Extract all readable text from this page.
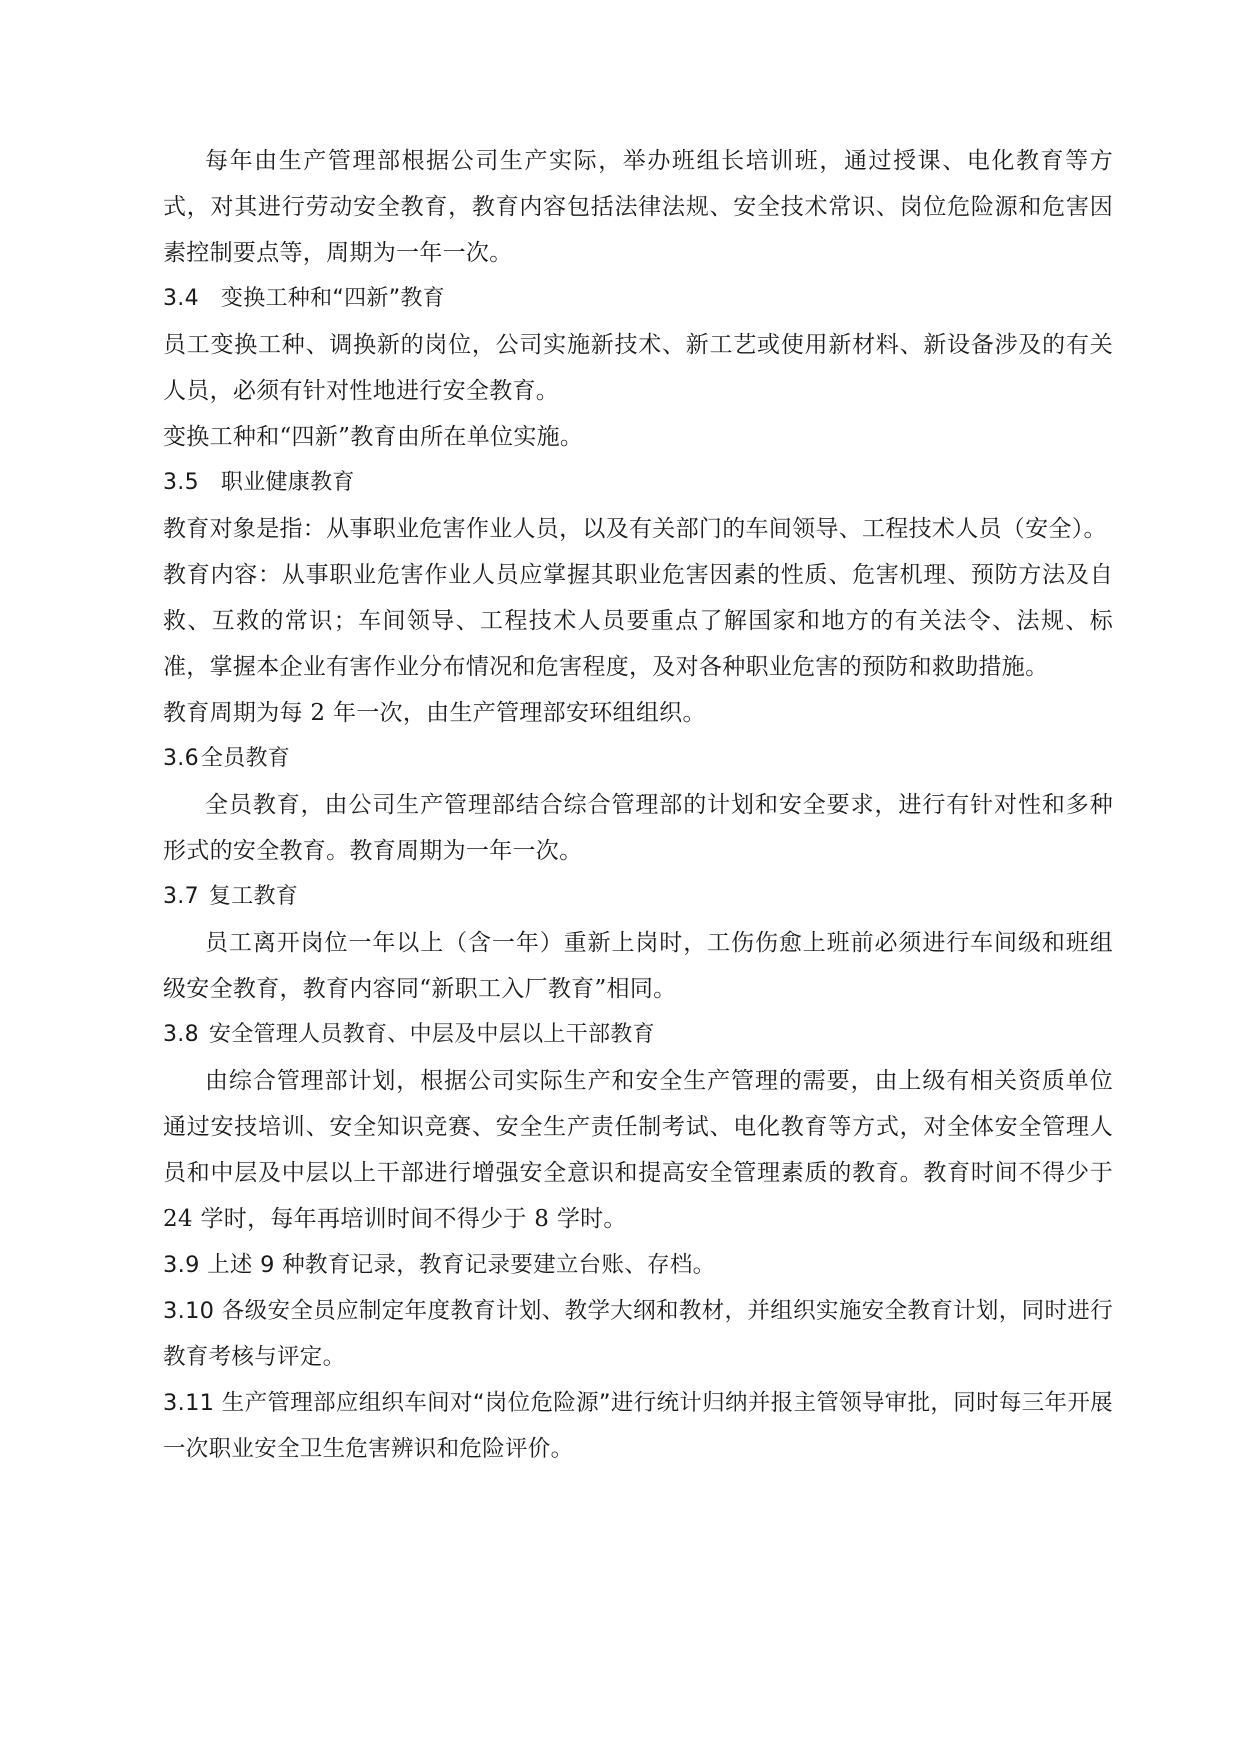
每年由生产管理部根据公司生产实际，举办班组长培训班，通过授课、电化教育等方式，对其进行劳动安全教育，教育内容包括法律法规、安全技术常识、岗位危险源和危害因素控制要点等，周期为一年一次。

3.4 变换工种和“四新”教育

员工变换工种、调换新的岗位，公司实施新技术、新工艺或使用新材料、新设备涉及的有关人员，必须有针对性地进行安全教育。

变换工种和“四新”教育由所在单位实施。

3.5 职业健康教育

教育对象是指：从事职业危害作业人员，以及有关部门的车间领导、工程技术人员（安全）。

教育内容：从事职业危害作业人员应掌握其职业危害因素的性质、危害机理、预防方法及自救、互救的常识；车间领导、工程技术人员要重点了解国家和地方的有关法令、法规、标准，掌握本企业有害作业分布情况和危害程度，及对各种职业危害的预防和救助措施。

教育周期为每 2 年一次，由生产管理部安环组组织。

3.6全员教育

全员教育，由公司生产管理部结合综合管理部的计划和安全要求，进行有针对性和多种形式的安全教育。教育周期为一年一次。

3.7 复工教育

员工离开岗位一年以上（含一年）重新上岗时，工伤伤愈上班前必须进行车间级和班组级安全教育，教育内容同“新职工入厂教育”相同。

3.8 安全管理人员教育、中层及中层以上干部教育

由综合管理部计划，根据公司实际生产和安全生产管理的需要，由上级有相关资质单位通过安技培训、安全知识竞赛、安全生产责任制考试、电化教育等方式，对全体安全管理人员和中层及中层以上干部进行增强安全意识和提高安全管理素质的教育。教育时间不得少于 24 学时，每年再培训时间不得少于 8 学时。

3.9 上述 9 种教育记录，教育记录要建立台账、存档。

3.10 各级安全员应制定年度教育计划、教学大纲和教材，并组织实施安全教育计划，同时进行教育考核与评定。

3.11 生产管理部应组织车间对“岗位危险源”进行统计归纳并报主管领导审批，同时每三年开展一次职业安全卫生危害辨识和危险评价。
